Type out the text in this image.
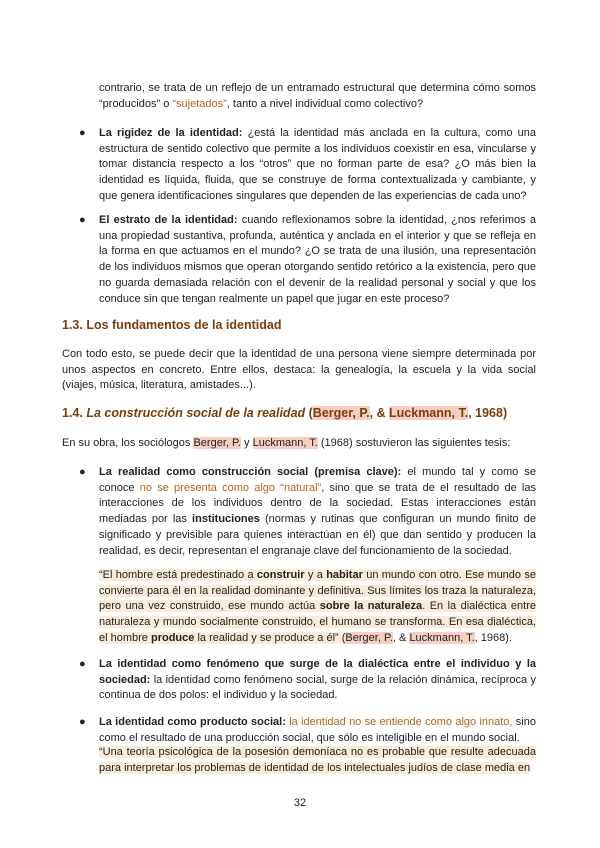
contrario, se trata de un reflejo de un entramado estructural que determina cómo somos “producidos” o “sujetados”, tanto a nivel individual como colectivo?

● La rigidez de la identidad: ¿está la identidad más anclada en la cultura, como una estructura de sentido colectivo que permite a los individuos coexistir en esa, vincularse y tomar distancia respecto a los “otros” que no forman parte de esa? ¿O más bien la identidad es líquida, fluida, que se construye de forma contextualizada y cambiante, y que genera identificaciones singulares que dependen de las experiencias de cada uno?

● El estrato de la identidad: cuando reflexionamos sobre la identidad, ¿nos referimos a una propiedad sustantiva, profunda, auténtica y anclada en el interior y que se refleja en la forma en que actuamos en el mundo? ¿O se trata de una ilusión, una representación de los individuos mismos que operan otorgando sentido retórico a la existencia, pero que no guarda demasiada relación con el devenir de la realidad personal y social y que los conduce sin que tengan realmente un papel que jugar en este proceso?

1.3. Los fundamentos de la identidad

Con todo esto, se puede decir que la identidad de una persona viene siempre determinada por unos aspectos en concreto. Entre ellos, destaca: la genealogía, la escuela y la vida social (viajes, música, literatura, amistades...).

1.4. La construcción social de la realidad (Berger, P., & Luckmann, T., 1968)

En su obra, los sociólogos Berger, P. y Luckmann, T. (1968) sostuvieron las siguientes tesis:

● La realidad como construcción social (premisa clave): el mundo tal y como se conoce no se presenta como algo “natural”, sino que se trata de el resultado de las interacciones de los individuos dentro de la sociedad. Estas interacciones están mediadas por las instituciones (normas y rutinas que configuran un mundo finito de significado y previsible para quienes interactúan en él) que dan sentido y producen la realidad, es decir, representan el engranaje clave del funcionamiento de la sociedad.

“El hombre está predestinado a construir y a habitar un mundo con otro. Ese mundo se convierte para él en la realidad dominante y definitiva. Sus límites los traza la naturaleza, pero una vez construido, ese mundo actúa sobre la naturaleza. En la dialéctica entre naturaleza y mundo socialmente construido, el humano se transforma. En esa dialéctica, el hombre produce la realidad y se produce a él” (Berger, P., & Luckmann, T., 1968).

● La identidad como fenómeno que surge de la dialéctica entre el individuo y la sociedad: la identidad como fenómeno social, surge de la relación dinámica, recíproca y continua de dos polos: el individuo y la sociedad.

● La identidad como producto social: la identidad no se entiende como algo innato, sino como el resultado de una producción social, que sólo es inteligible en el mundo social.

“Una teoría psicológica de la posesión demoníaca no es probable que resulte adecuada para interpretar los problemas de identidad de los intelectuales judíos de clase media en

32
